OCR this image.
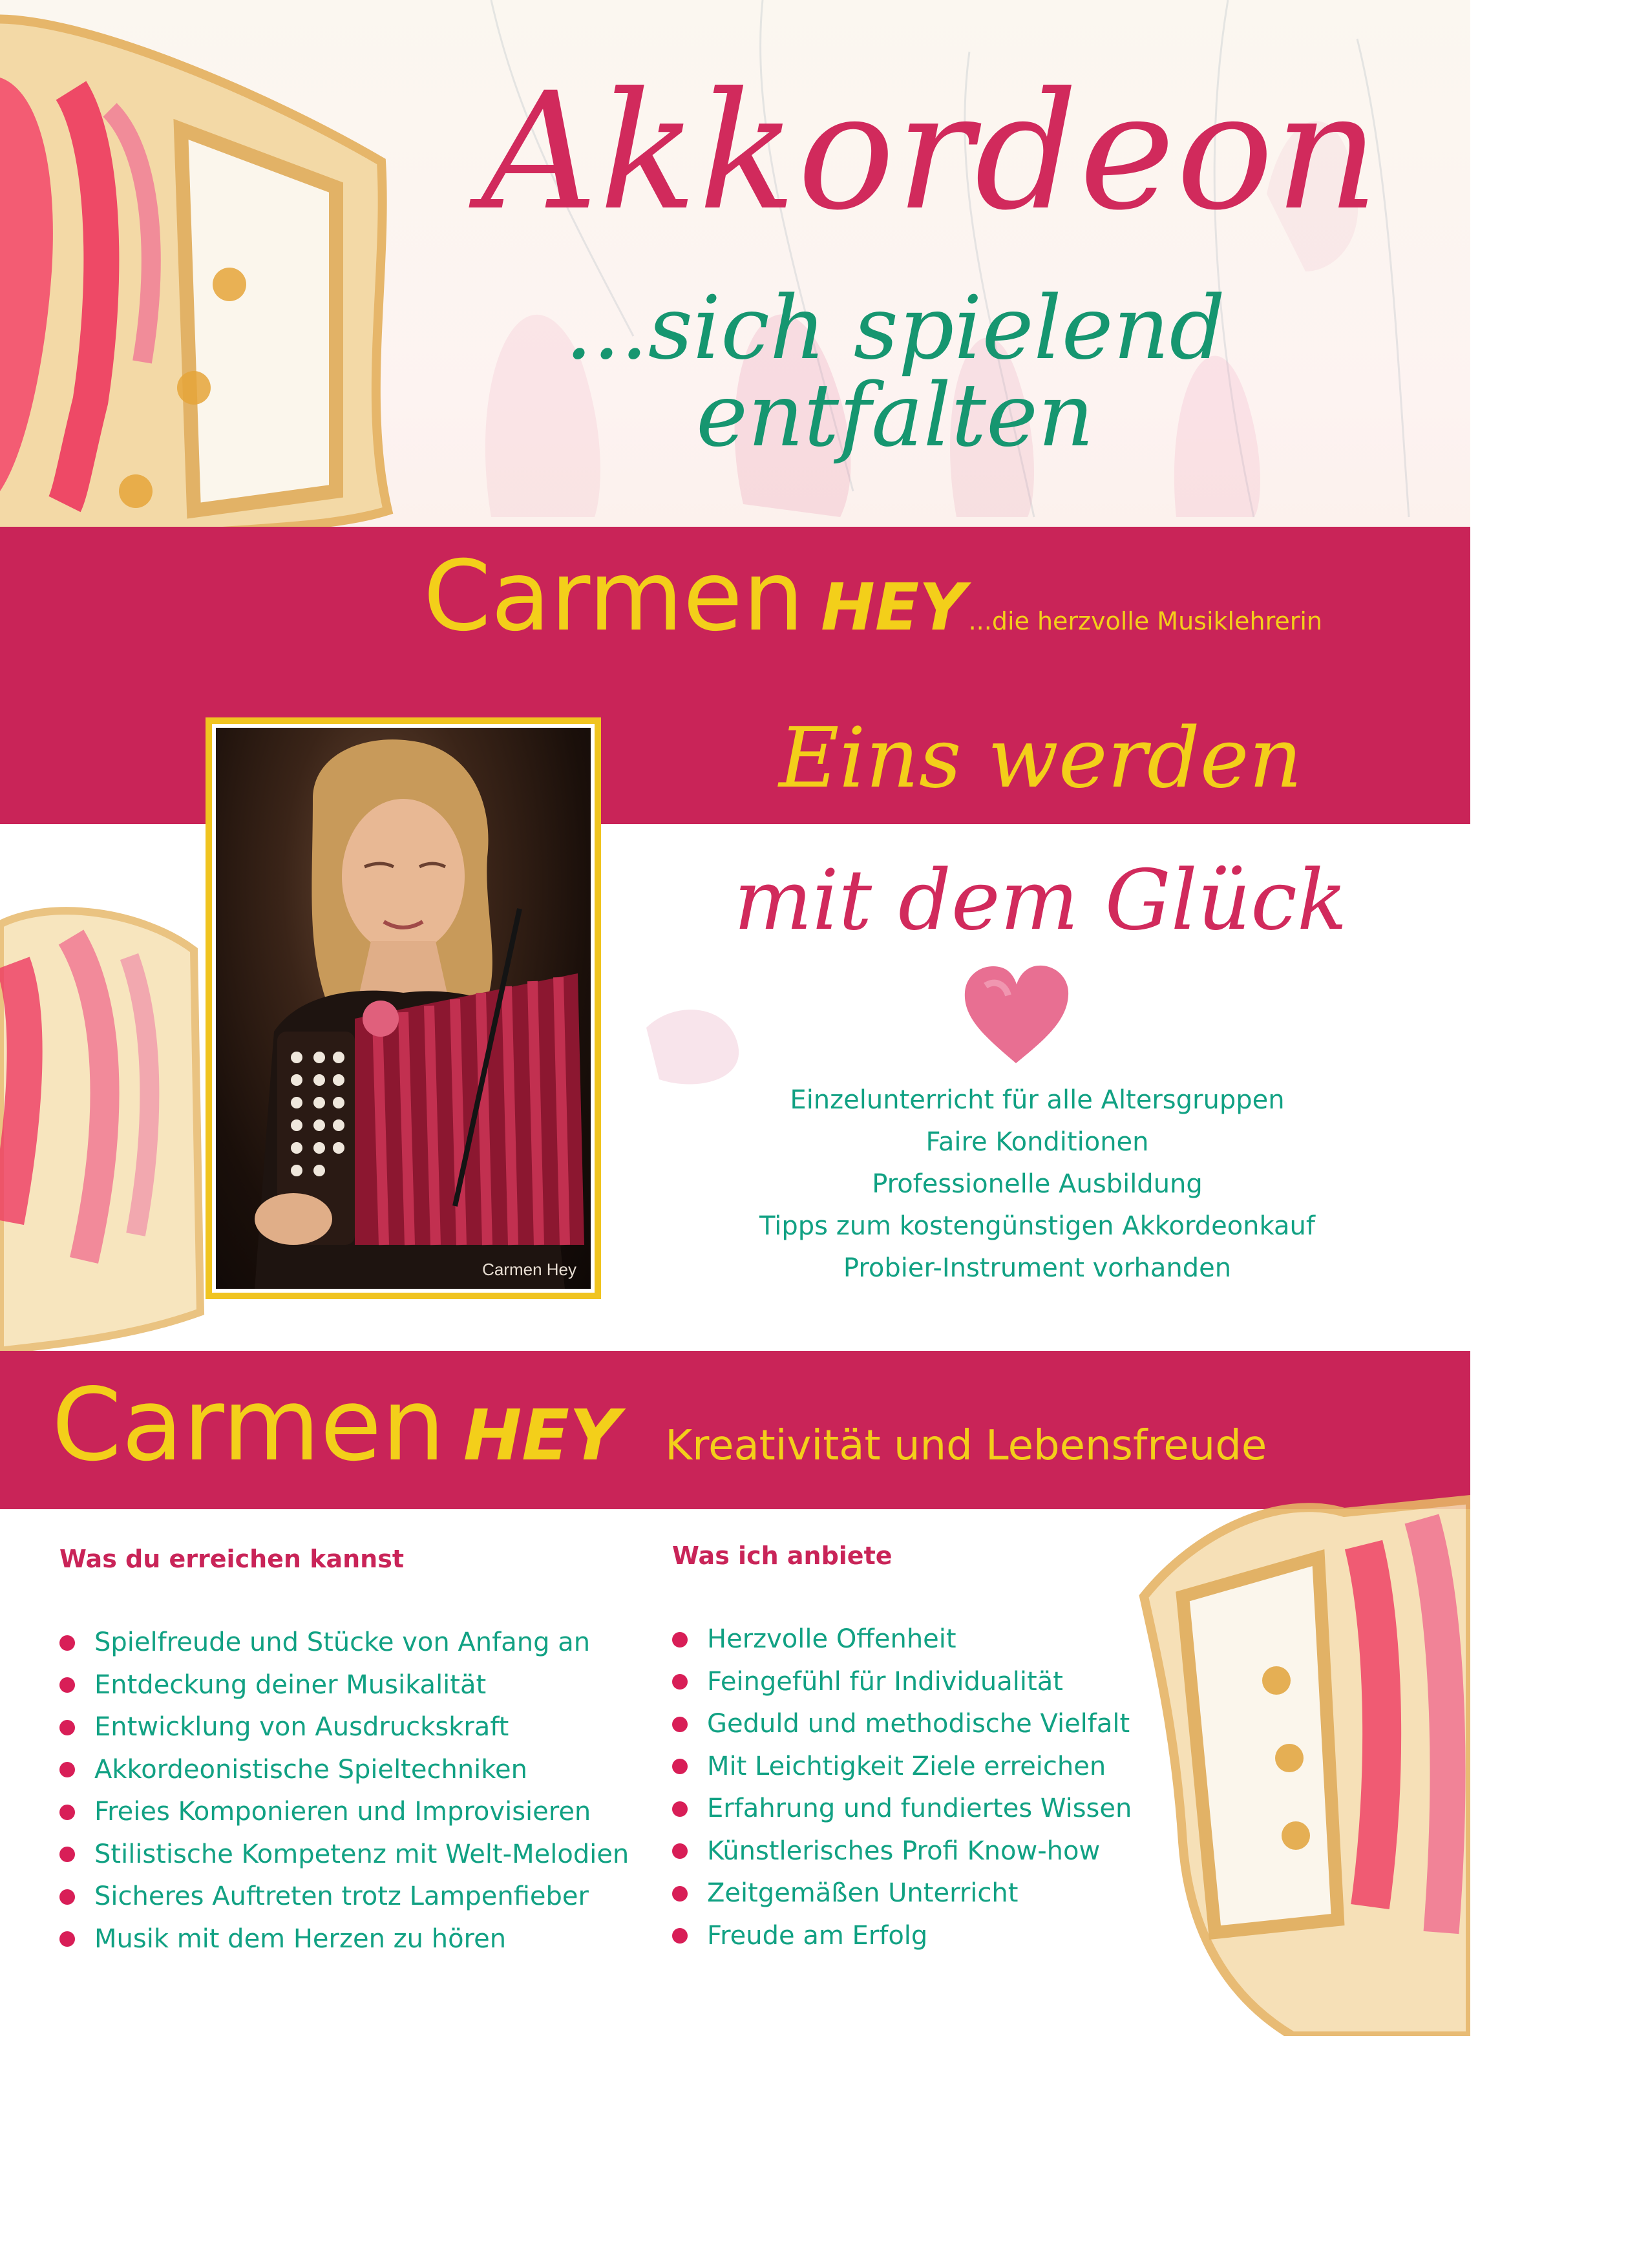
Akkordeon
...sich spielend entfalten
Carmen HEY ...die herzvolle Musiklehrerin
Carmen Hey
Eins werden
mit dem Glück
Einzelunterricht für alle Altersgruppen
Faire Konditionen
Professionelle Ausbildung
Tipps zum kostengünstigen Akkordeonkauf
Probier-Instrument vorhanden
Carmen HEY Kreativität und Lebensfreude
Was du erreichen kannst
Spielfreude und Stücke von Anfang an
Entdeckung deiner Musikalität
Entwicklung von Ausdruckskraft
Akkordeonistische Spieltechniken
Freies Komponieren und Improvisieren
Stilistische Kompetenz mit Welt-Melodien
Sicheres Auftreten trotz Lampenfieber
Musik mit dem Herzen zu hören
Was ich anbiete
Herzvolle Offenheit
Feingefühl für Individualität
Geduld und methodische Vielfalt
Mit Leichtigkeit Ziele erreichen
Erfahrung und fundiertes Wissen
Künstlerisches Profi Know-how
Zeitgemäßen Unterricht
Freude am Erfolg
